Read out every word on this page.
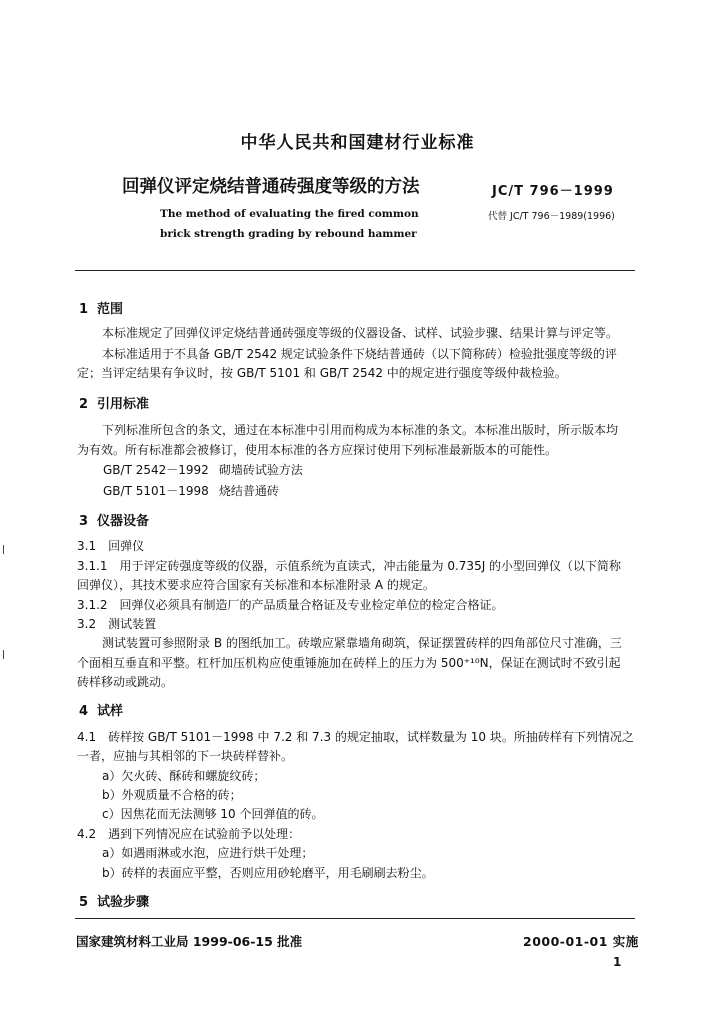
中华人民共和国建材行业标准
回弹仪评定烧结普通砖强度等级的方法	JC/T 796－1999
代替 JC/T 796－1989(1996)
The method of evaluating the fired common
brick strength grading by rebound hammer
1 范围
本标准规定了回弹仪评定烧结普通砖强度等级的仪器设备、试样、试验步骤、结果计算与评定等。
本标准适用于不具备 GB/T 2542 规定试验条件下烧结普通砖（以下简称砖）检验批强度等级的评
定；当评定结果有争议时，按 GB/T 5101 和 GB/T 2542 中的规定进行强度等级仲裁检验。
2 引用标准
下列标准所包含的条文，通过在本标准中引用而构成为本标准的条文。本标准出版时，所示版本均
为有效。所有标准都会被修订，使用本标准的各方应探讨使用下列标准最新版本的可能性。
GB/T 2542－1992 砌墙砖试验方法
GB/T 5101－1998 烧结普通砖
3 仪器设备
3.1　回弹仪
3.1.1　用于评定砖强度等级的仪器，示值系统为直读式，冲击能量为 0.735J 的小型回弹仪（以下简称
回弹仪），其技术要求应符合国家有关标准和本标准附录 A 的规定。
3.1.2　回弹仪必须具有制造厂的产品质量合格证及专业检定单位的检定合格证。
3.2　测试装置
测试装置可参照附录 B 的图纸加工。砖墩应紧靠墙角砌筑，保证摆置砖样的四角部位尺寸准确，三
个面相互垂直和平整。杠杆加压机构应使重锤施加在砖样上的压力为 500⁺¹⁰N，保证在测试时不致引起
砖样移动或跳动。
4 试样
4.1　砖样按 GB/T 5101－1998 中 7.2 和 7.3 的规定抽取，试样数量为 10 块。所抽砖样有下列情况之
一者，应抽与其相邻的下一块砖样替补。
a）欠火砖、酥砖和螺旋纹砖；
b）外观质量不合格的砖；
c）因焦花而无法测够 10 个回弹值的砖。
4.2　遇到下列情况应在试验前予以处理：
a）如遇雨淋或水泡，应进行烘干处理；
b）砖样的表面应平整，否则应用砂轮磨平，用毛刷刷去粉尘。
5 试验步骤
国家建筑材料工业局 1999-06-15 批准	2000-01-01 实施
1
